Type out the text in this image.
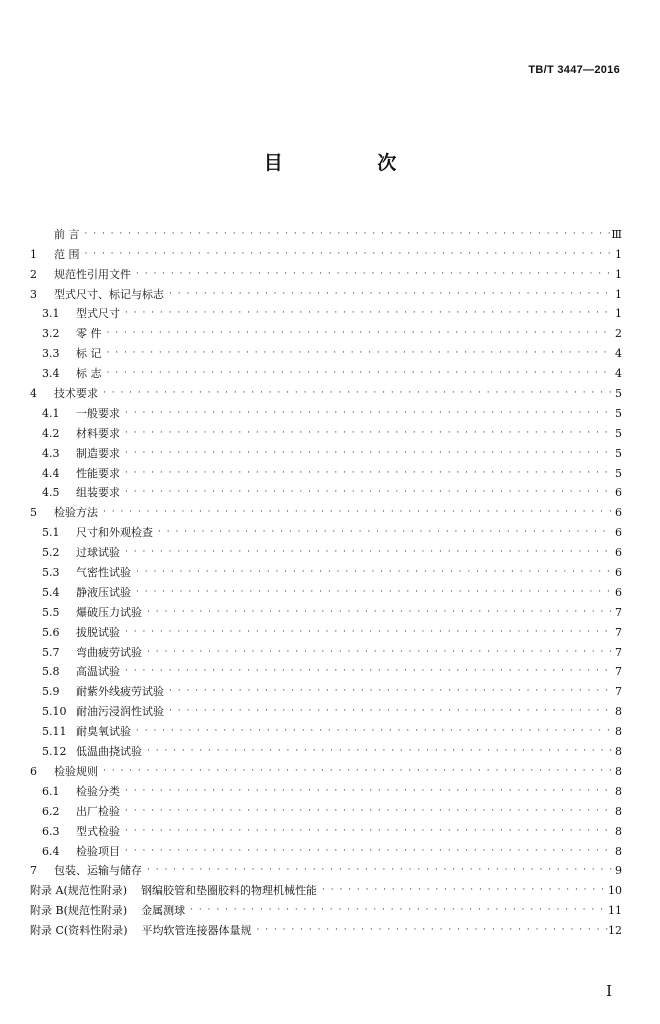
TB/T 3447—2016
目 次
前 言 · · ·	Ⅲ
1	范 围 · · ·	1
2	规范性引用文件 · · ·	1
3	型式尺寸、标记与标志 · · ·	1
3.1	型式尺寸 · · ·	1
3.2	零 件 · · ·	2
3.3	标 记 · · ·	4
3.4	标 志 · · ·	4
4	技术要求 · · ·	5
4.1	一般要求 · · ·	5
4.2	材料要求 · · ·	5
4.3	制造要求 · · ·	5
4.4	性能要求 · · ·	5
4.5	组装要求 · · ·	6
5	检验方法 · · ·	6
5.1	尺寸和外观检查 · · ·	6
5.2	过球试验 · · ·	6
5.3	气密性试验 · · ·	6
5.4	静液压试验 · · ·	6
5.5	爆破压力试验 · · ·	7
5.6	拔脱试验 · · ·	7
5.7	弯曲疲劳试验 · · ·	7
5.8	高温试验 · · ·	7
5.9	耐紫外线疲劳试验 · · ·	7
5.10 耐油污浸润性试验 · · ·	8
5.11 耐臭氧试验 · · ·	8
5.12 低温曲挠试验 · · ·	8
6	检验规则 · · ·	8
6.1	检验分类 · · ·	8
6.2	出厂检验 · · ·	8
6.3	型式检验 · · ·	8
6.4	检验项目 · · ·	8
7	包装、运输与储存 · · ·	9
附录 A(规范性附录)	钢编胶管和垫圈胶料的物理机械性能 · · ·	10
附录 B(规范性附录)	金属测球 · · ·	11
附录 C(资料性附录)	平均软管连接器体量规 · · ·	12
I
